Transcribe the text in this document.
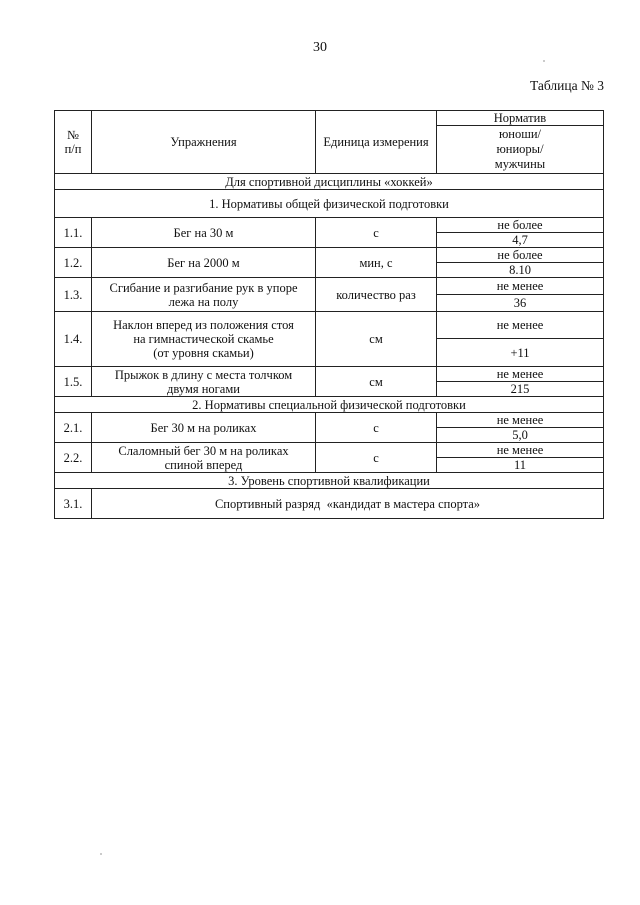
30
Таблица № 3
№
п/п	Упражнения	Единица измерения	Норматив
			юноши/
юниоры/
мужчины
Для спортивной дисциплины «хоккей»			
1. Нормативы общей физической подготовки			
1.1.	Бег на 30 м	с	не более
			4,7
1.2.	Бег на 2000 м	мин, с	не более
			8.10
1.3.	Сгибание и разгибание рук в упоре
лежа на полу	количество раз	не менее
			36
1.4.	Наклон вперед из положения стоя
на гимнастической скамье
(от уровня скамьи)	см	не менее
			+11
1.5.	Прыжок в длину с места толчком
двумя ногами	см	не менее
			215
2. Нормативы специальной физической подготовки			
2.1.	Бег 30 м на роликах	с	не менее
			5,0
2.2.	Слаломный бег 30 м на роликах
спиной вперед	с	не менее
			11
3. Уровень спортивной квалификации			
3.1.	Спортивный разряд  «кандидат в мастера спорта»		
